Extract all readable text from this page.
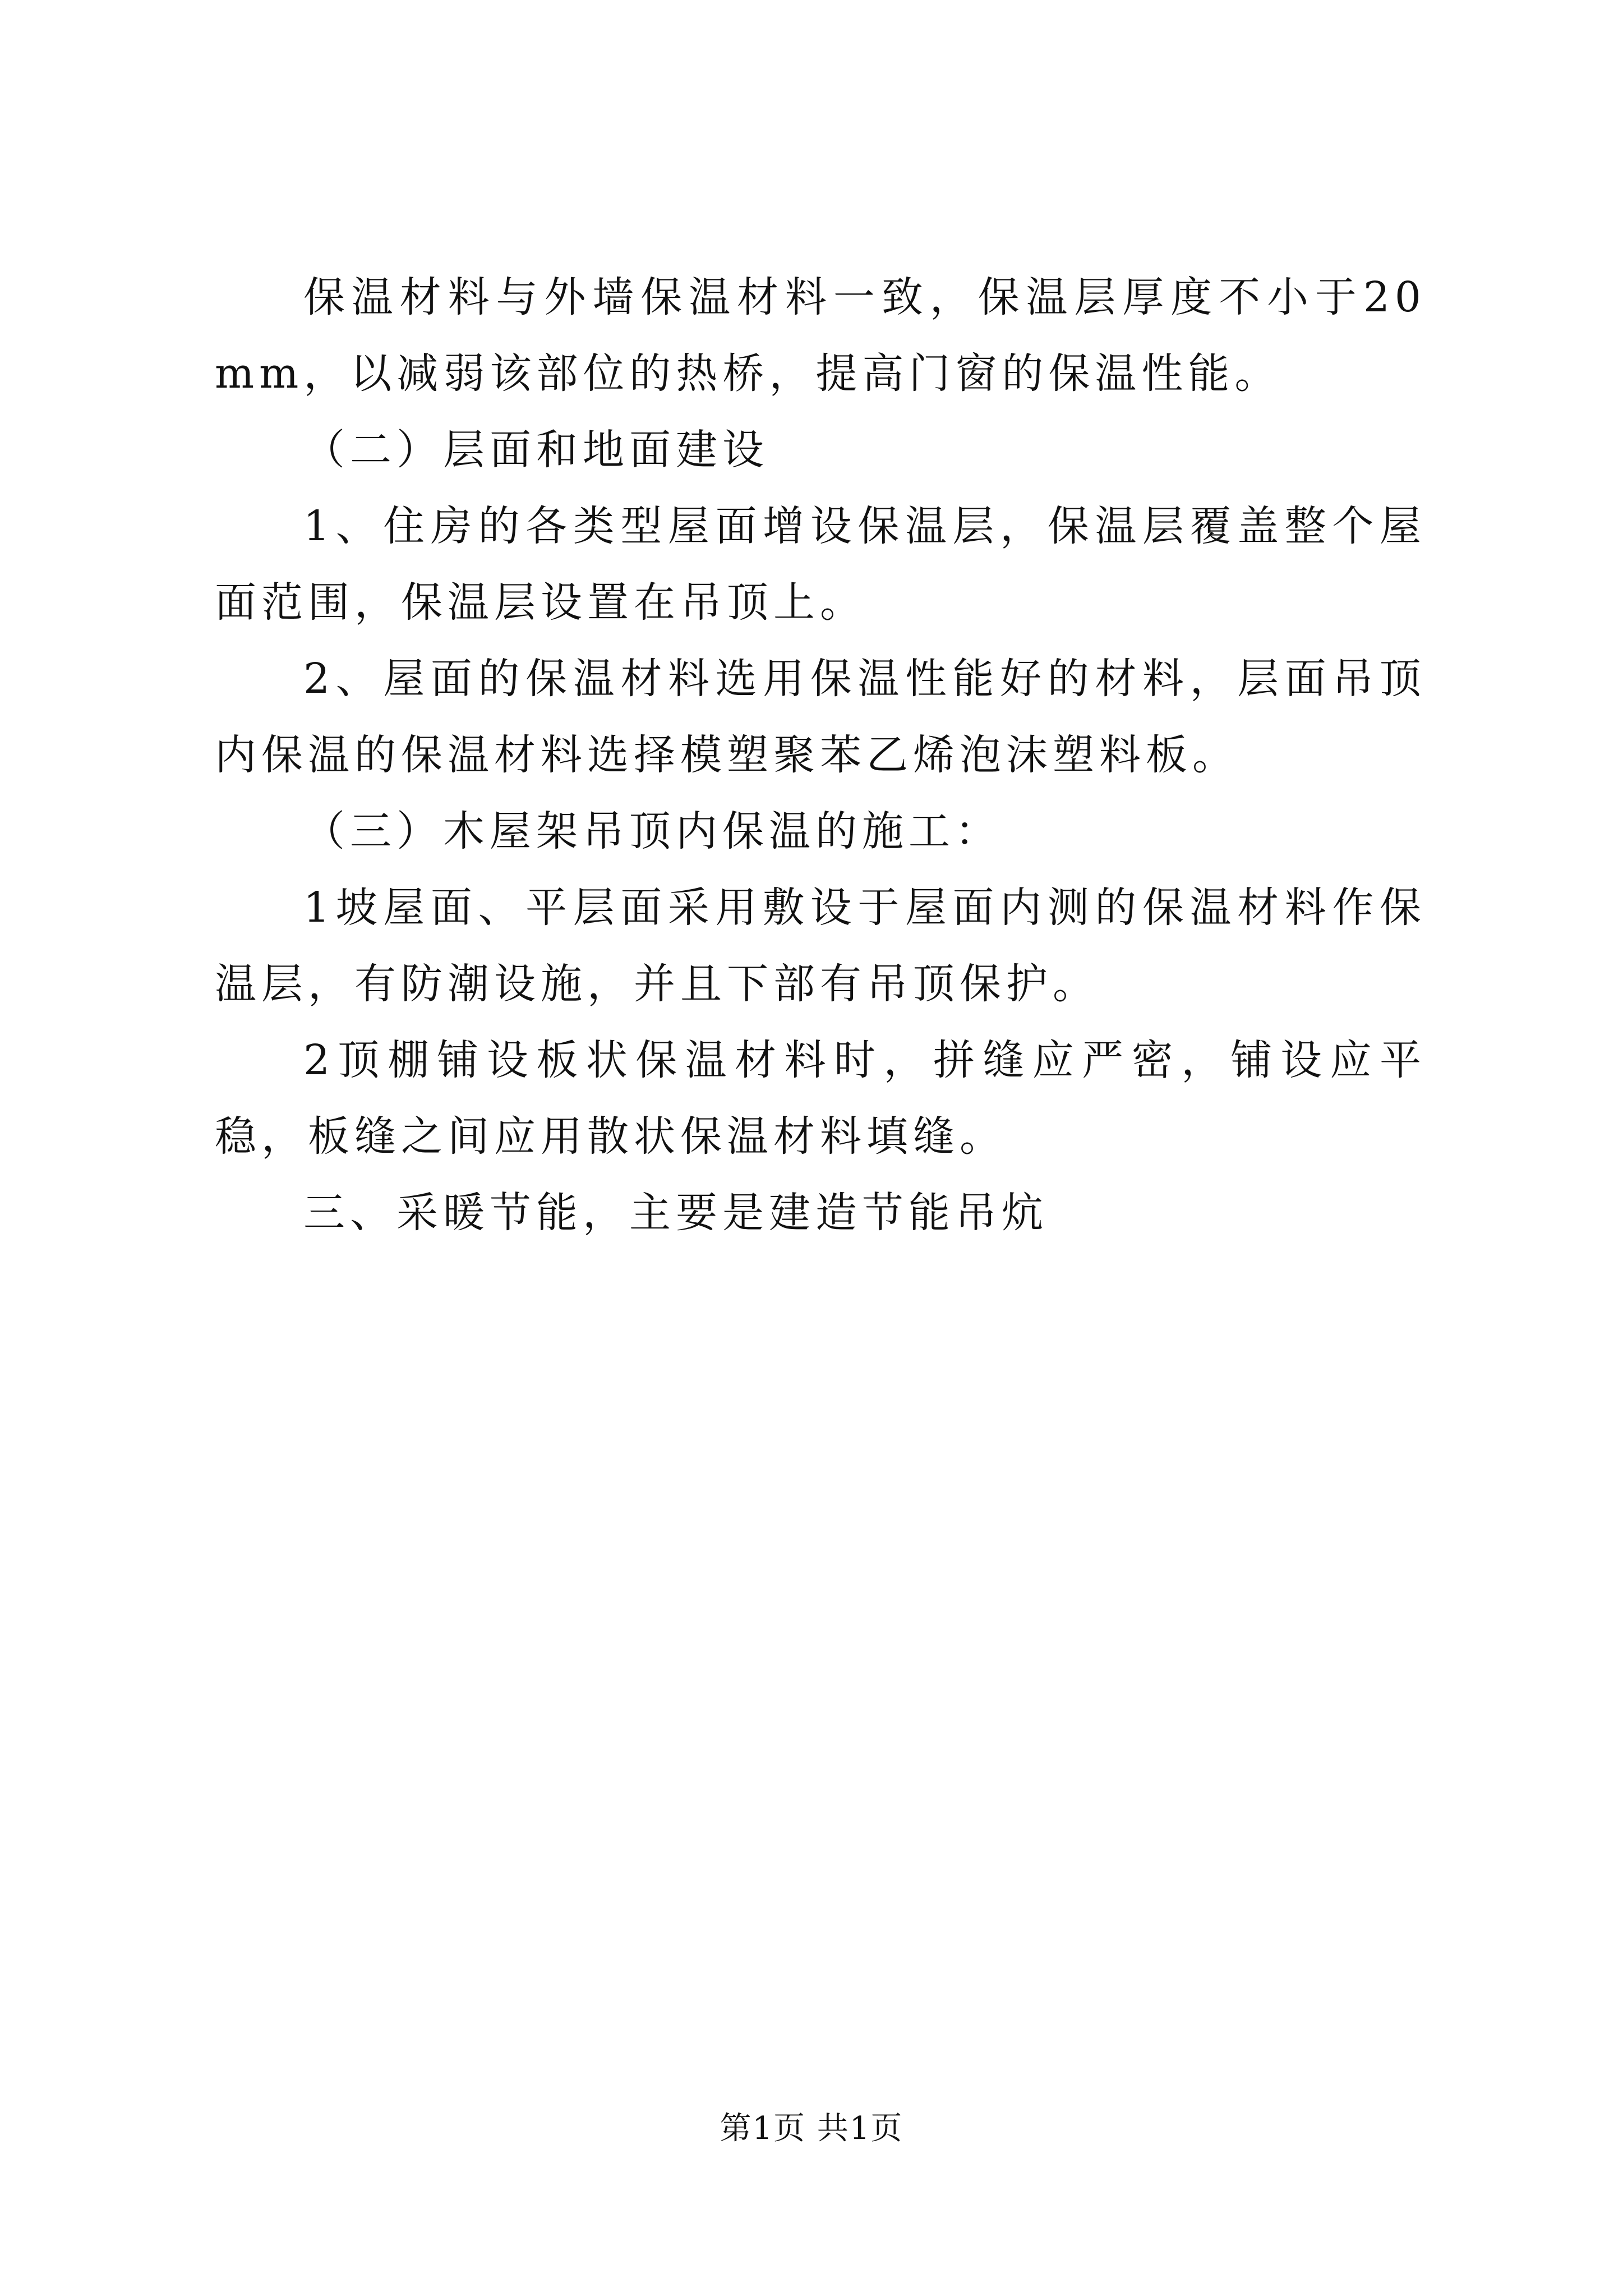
保温材料与外墙保温材料一致，保温层厚度不小于20mm，以减弱该部位的热桥，提高门窗的保温性能。

（二）层面和地面建设

1、住房的各类型屋面增设保温层，保温层覆盖整个屋面范围，保温层设置在吊顶上。

2、屋面的保温材料选用保温性能好的材料，层面吊顶内保温的保温材料选择模塑聚苯乙烯泡沫塑料板。

（三）木屋架吊顶内保温的施工：

1坡屋面、平层面采用敷设于屋面内测的保温材料作保温层，有防潮设施，并且下部有吊顶保护。

2顶棚铺设板状保温材料时，拼缝应严密，铺设应平稳，板缝之间应用散状保温材料填缝。

三、采暖节能，主要是建造节能吊炕

第1页 共1页
